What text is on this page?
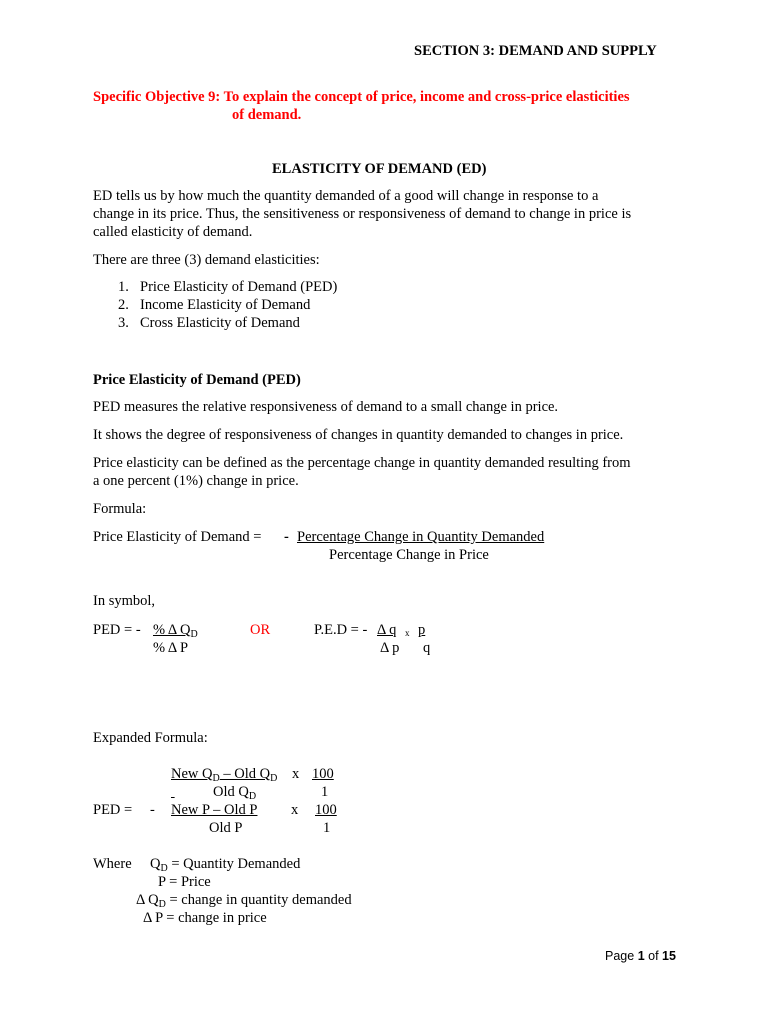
SECTION 3: DEMAND AND SUPPLY
Specific Objective 9: To explain the concept of price, income and cross-price elasticities
of demand.
ELASTICITY OF DEMAND (ED)
ED tells us by how much the quantity demanded of a good will change in response to a
change in its price. Thus, the sensitiveness or responsiveness of demand to change in price is
called elasticity of demand.
There are three (3) demand elasticities:
1. Price Elasticity of Demand (PED)
2. Income Elasticity of Demand
3. Cross Elasticity of Demand
Price Elasticity of Demand (PED)
PED measures the relative responsiveness of demand to a small change in price.
It shows the degree of responsiveness of changes in quantity demanded to changes in price.
Price elasticity can be defined as the percentage change in quantity demanded resulting from
a one percent (1%) change in price.
Formula:
Price Elasticity of Demand = - Percentage Change in Quantity Demanded
Percentage Change in Price
In symbol,
PED = - % Δ $Q_D$
% Δ P
OR	P.E.D = - Δ q x p
Δ p q
Expanded Formula:
New $Q_D$ – Old $Q_D$ x 100
Old $Q_D$	1

PED = - New P – Old P x 100
Old P	1
Where $Q_D$ = Quantity Demanded
P = Price
Δ $Q_D$ = change in quantity demanded
Δ P = change in price
Page 1 of 15
